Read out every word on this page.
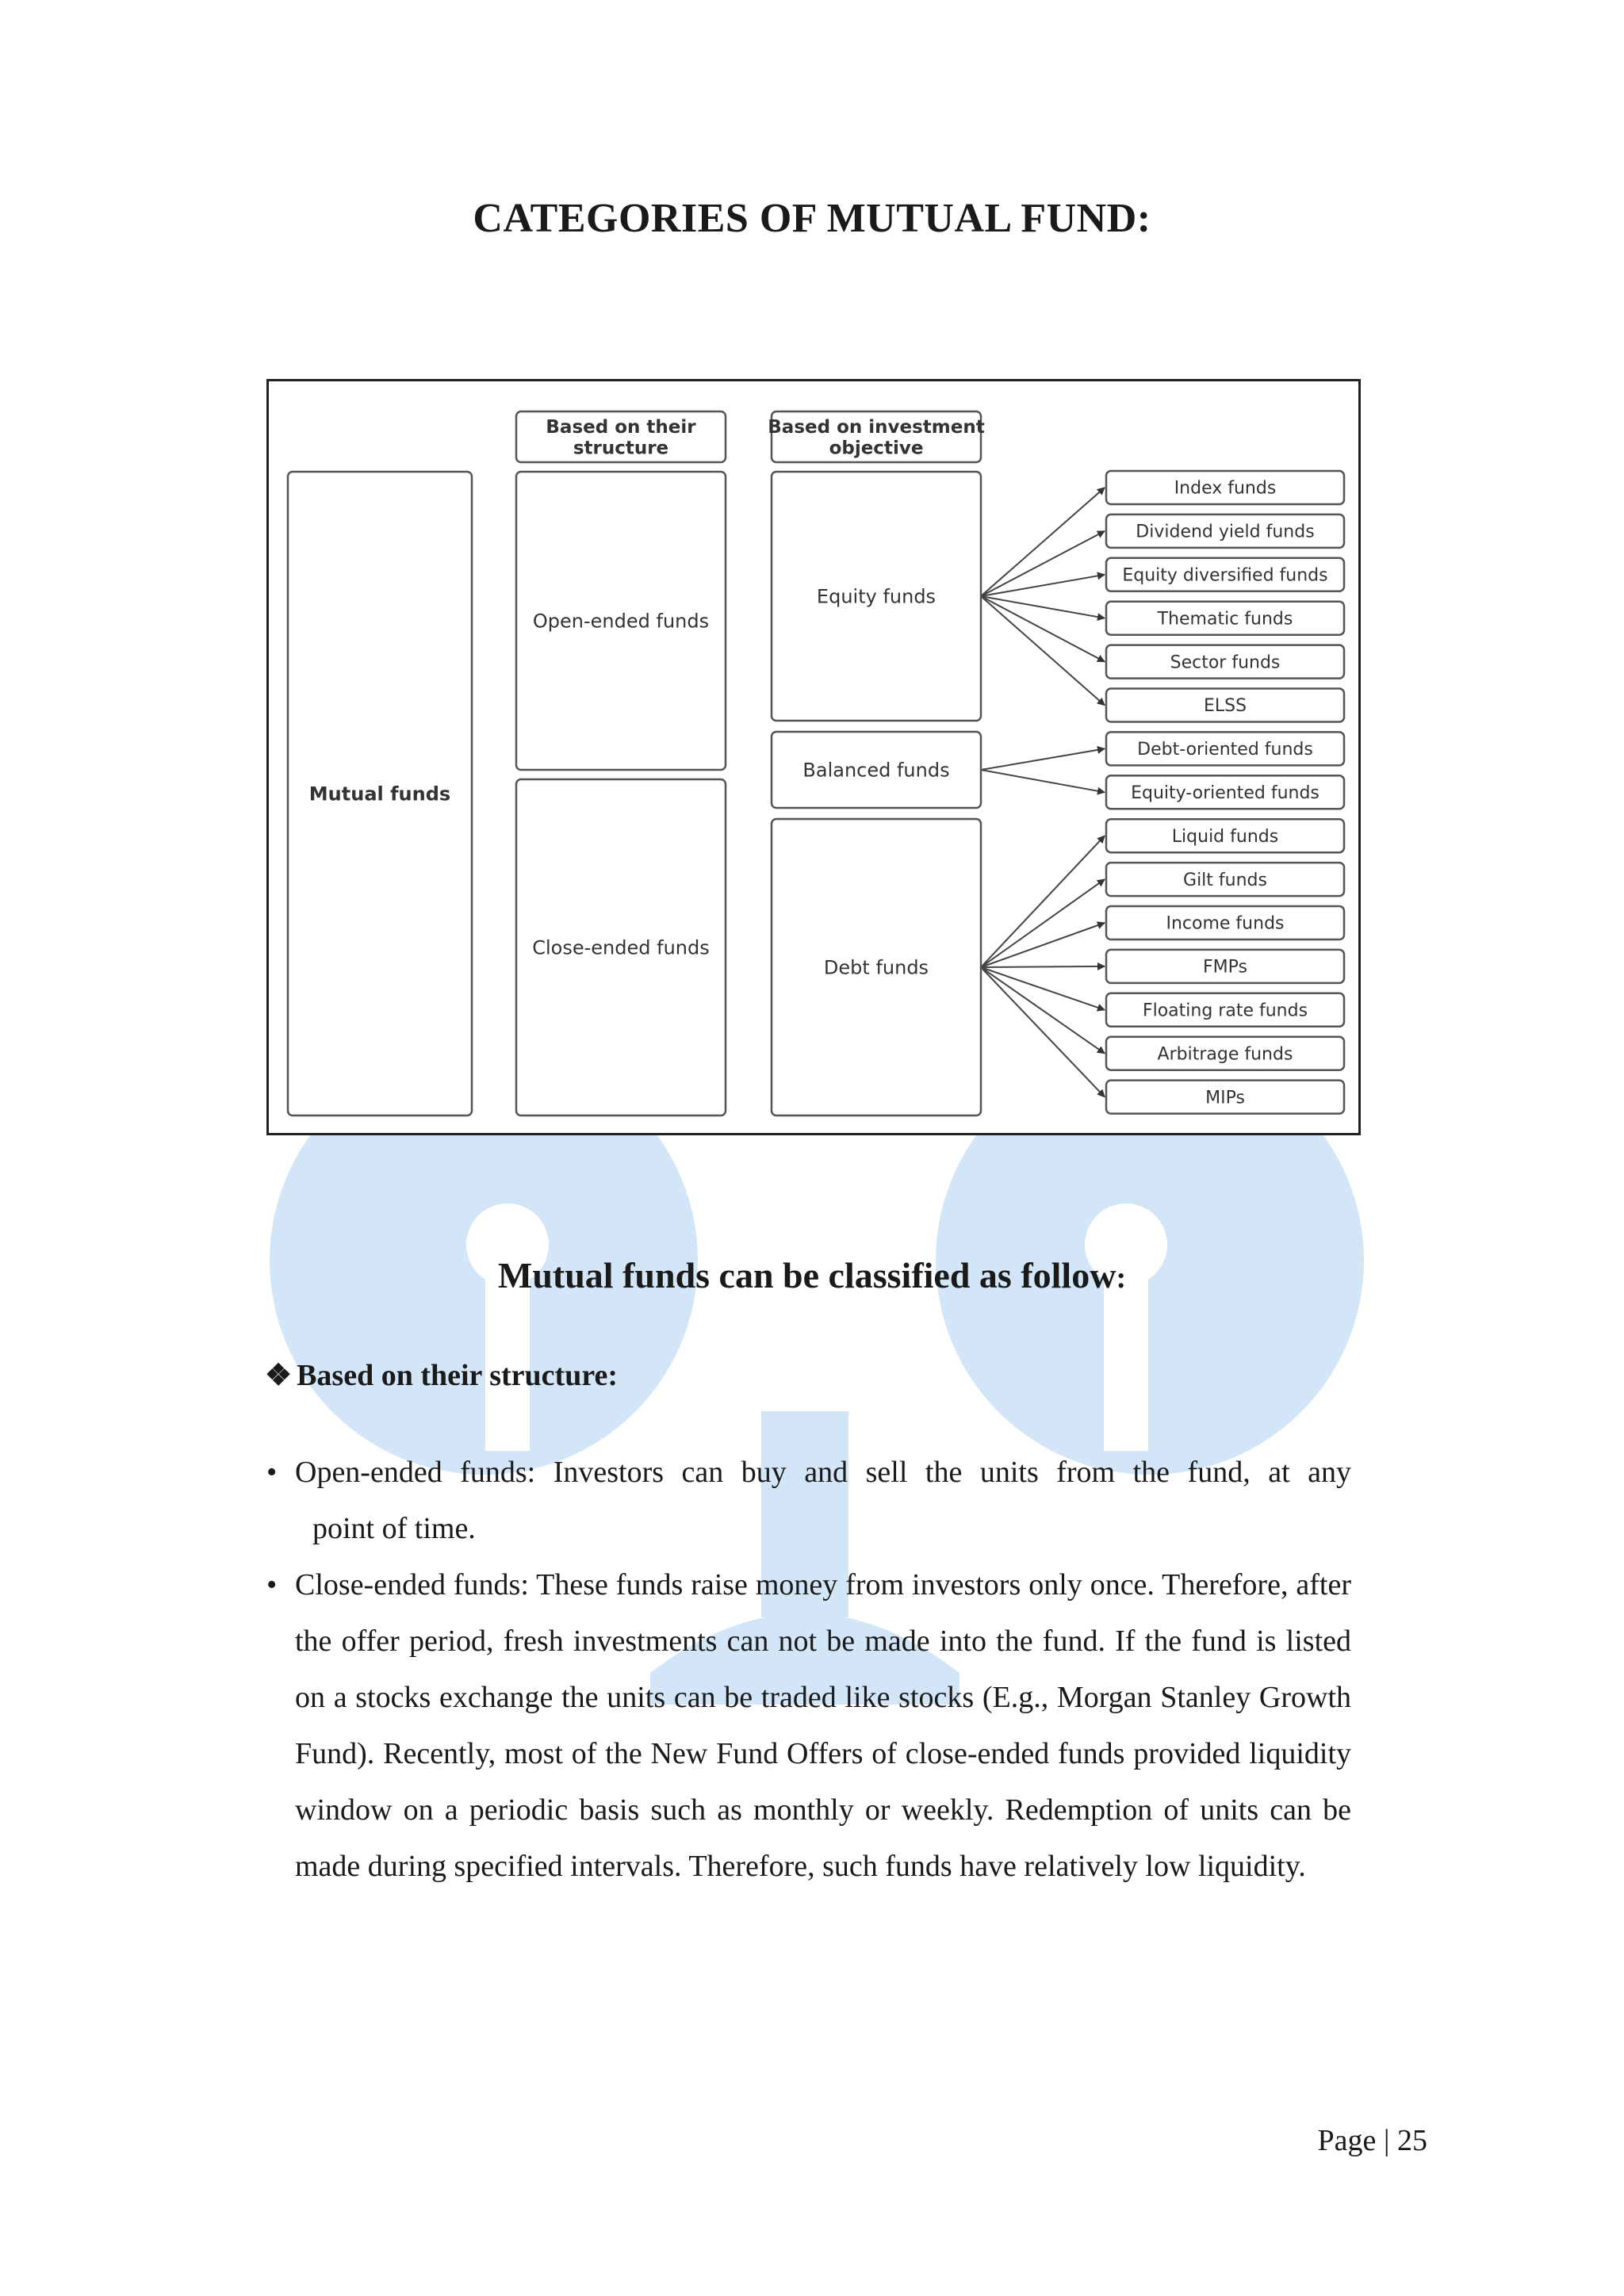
CATEGORIES OF MUTUAL FUND:
Based on their
structure
Based on investment
objective
Mutual funds
Open-ended funds
Close-ended funds
Equity funds
Balanced funds
Debt funds
Index funds
Dividend yield funds
Equity diversified funds
Thematic funds
Sector funds
ELSS
Debt-oriented funds
Equity-oriented funds
Liquid funds
Gilt funds
Income funds
FMPs
Floating rate funds
Arbitrage funds
MIPs
Mutual funds can be classified as follow:
❖ Based on their structure:
• Open-ended funds: Investors can buy and sell the units from the fund, at any
point of time.
• Close-ended funds: These funds raise money from investors only once. Therefore, after the offer period, fresh investments can not be made into the fund. If the fund is listed on a stocks exchange the units can be traded like stocks (E.g., Morgan Stanley Growth Fund). Recently, most of the New Fund Offers of close-ended funds provided liquidity window on a periodic basis such as monthly or weekly. Redemption of units can be made during specified intervals. Therefore, such funds have relatively low liquidity.
Page | 25
